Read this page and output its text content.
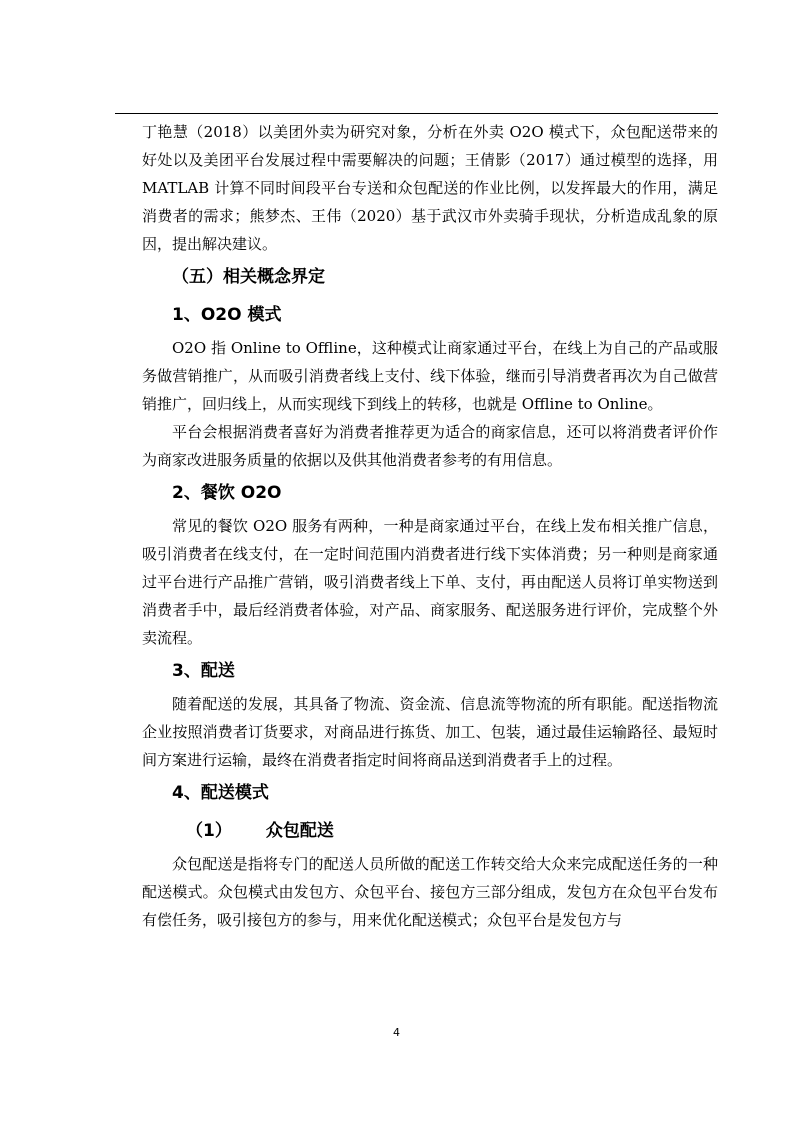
丁艳慧（2018）以美团外卖为研究对象，分析在外卖 O2O 模式下，众包配送带来的好处以及美团平台发展过程中需要解决的问题；王倩影（2017）通过模型的选择，用 MATLAB 计算不同时间段平台专送和众包配送的作业比例，以发挥最大的作用，满足消费者的需求；熊梦杰、王伟（2020）基于武汉市外卖骑手现状，分析造成乱象的原因，提出解决建议。

（五）相关概念界定

1、O2O 模式

O2O 指 Online to Offline，这种模式让商家通过平台，在线上为自己的产品或服务做营销推广，从而吸引消费者线上支付、线下体验，继而引导消费者再次为自己做营销推广，回归线上，从而实现线下到线上的转移，也就是 Offline to Online。

平台会根据消费者喜好为消费者推荐更为适合的商家信息，还可以将消费者评价作为商家改进服务质量的依据以及供其他消费者参考的有用信息。

2、餐饮 O2O

常见的餐饮 O2O 服务有两种，一种是商家通过平台，在线上发布相关推广信息，吸引消费者在线支付，在一定时间范围内消费者进行线下实体消费；另一种则是商家通过平台进行产品推广营销，吸引消费者线上下单、支付，再由配送人员将订单实物送到消费者手中，最后经消费者体验，对产品、商家服务、配送服务进行评价，完成整个外卖流程。

3、配送

随着配送的发展，其具备了物流、资金流、信息流等物流的所有职能。配送指物流企业按照消费者订货要求，对商品进行拣货、加工、包装，通过最佳运输路径、最短时间方案进行运输，最终在消费者指定时间将商品送到消费者手上的过程。

4、配送模式

（1） 众包配送

众包配送是指将专门的配送人员所做的配送工作转交给大众来完成配送任务的一种配送模式。众包模式由发包方、众包平台、接包方三部分组成，发包方在众包平台发布有偿任务，吸引接包方的参与，用来优化配送模式；众包平台是发包方与

4
